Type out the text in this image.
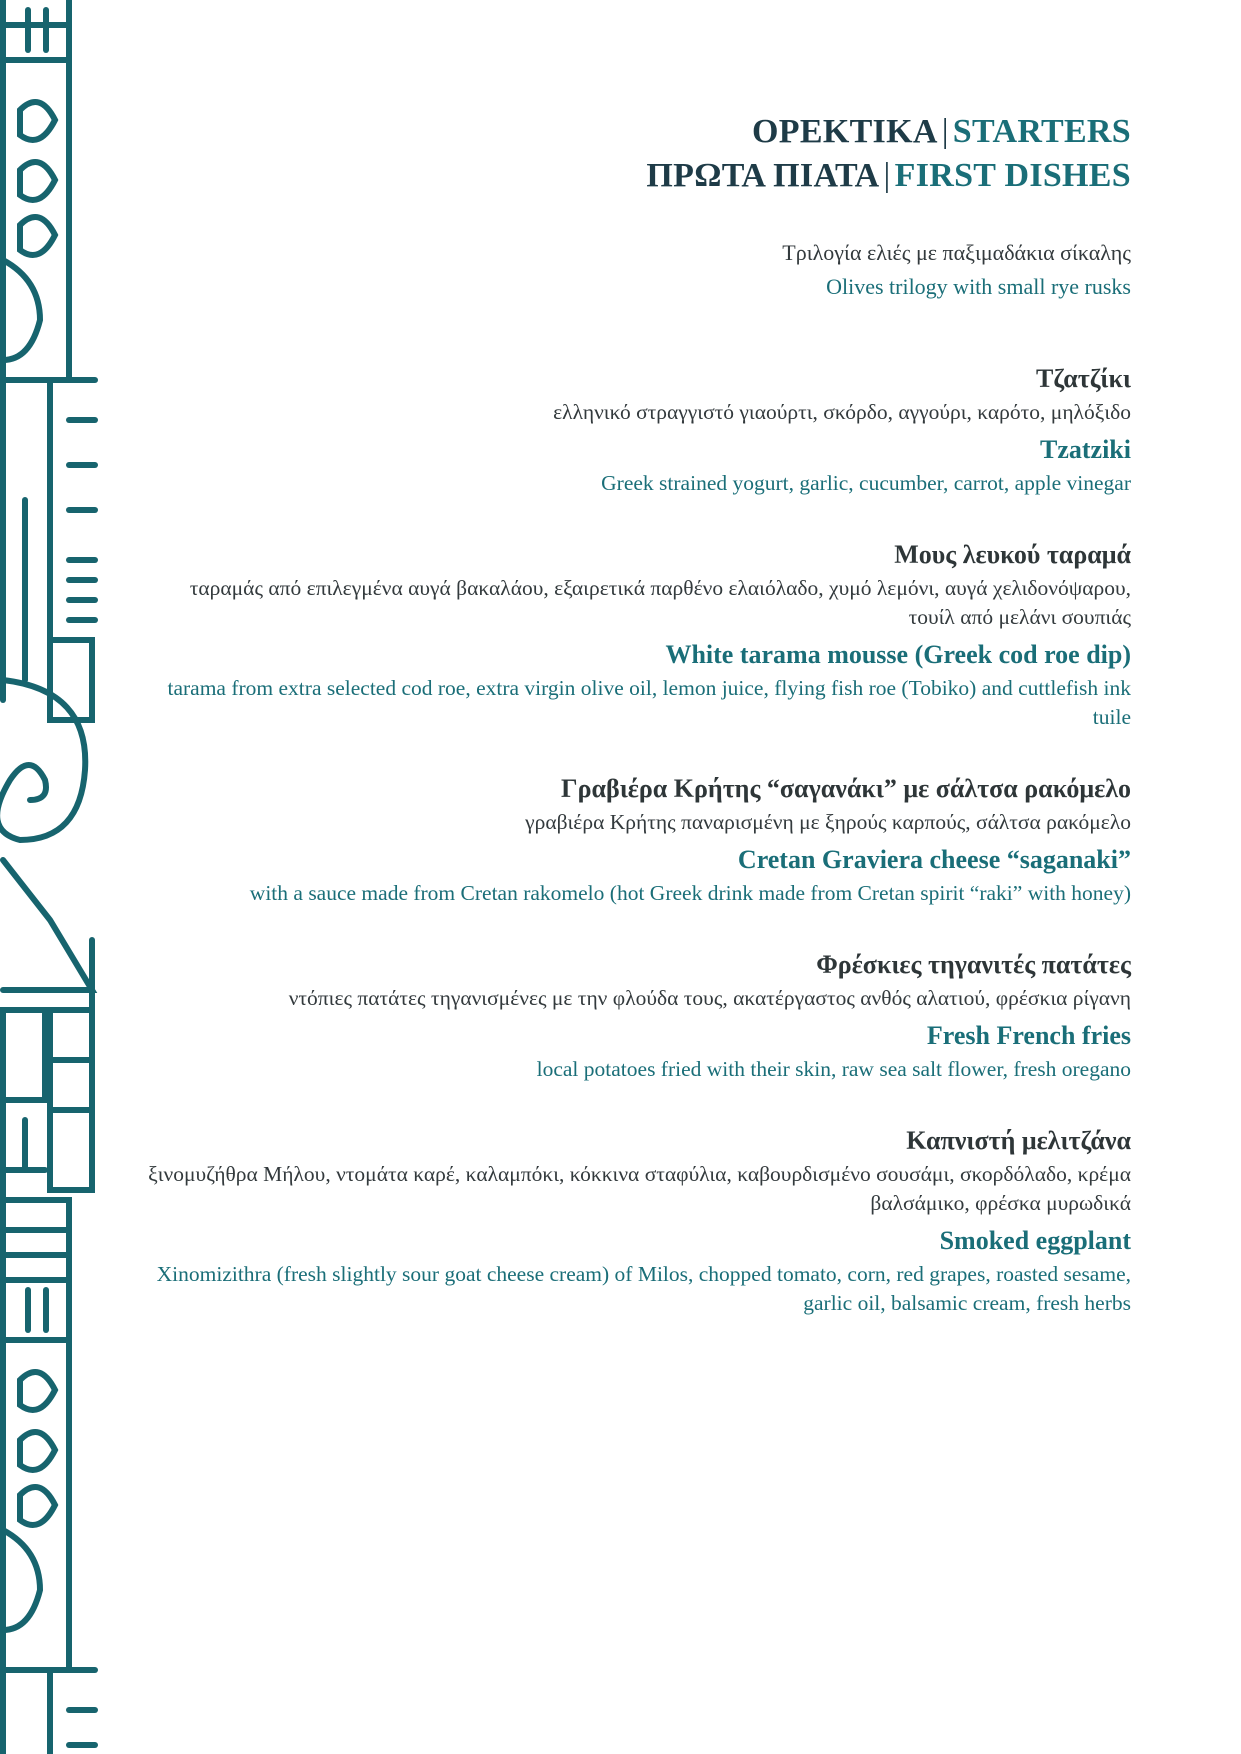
ΟΡΕΚΤΙΚΑ | STARTERS
ΠΡΩΤΑ ΠΙΑΤΑ | FIRST DISHES
Τριλογία ελιές με παξιμαδάκια σίκαλης
Olives trilogy with small rye rusks
Τζατζίκι
ελληνικό στραγγιστό γιαούρτι, σκόρδο, αγγούρι, καρότο, μηλόξιδο
Tzatziki
Greek strained yogurt, garlic, cucumber, carrot, apple vinegar
Μους λευκού ταραμά
ταραμάς από επιλεγμένα αυγά βακαλάου, εξαιρετικά παρθένο ελαιόλαδο, χυμό λεμόνι, αυγά χελιδονόψαρου, τουίλ από μελάνι σουπιάς
White tarama mousse (Greek cod roe dip)
tarama from extra selected cod roe, extra virgin olive oil, lemon juice, flying fish roe (Tobiko) and cuttlefish ink tuile
Γραβιέρα Κρήτης “σαγανάκι” με σάλτσα ρακόμελο
γραβιέρα Κρήτης παναρισμένη με ξηρούς καρπούς, σάλτσα ρακόμελο
Cretan Graviera cheese “saganaki”
with a sauce made from Cretan rakomelo (hot Greek drink made from Cretan spirit “raki” with honey)
Φρέσκιες τηγανιτές πατάτες
ντόπιες πατάτες τηγανισμένες με την φλούδα τους, ακατέργαστος ανθός αλατιού, φρέσκια ρίγανη
Fresh French fries
local potatoes fried with their skin, raw sea salt flower, fresh oregano
Καπνιστή μελιτζάνα
ξινομυζήθρα Μήλου, ντομάτα καρέ, καλαμπόκι, κόκκινα σταφύλια, καβουρδισμένο σουσάμι, σκορδόλαδο, κρέμα βαλσάμικο, φρέσκα μυρωδικά
Smoked eggplant
Xinomizithra (fresh slightly sour goat cheese cream) of Milos, chopped tomato, corn, red grapes, roasted sesame, garlic oil, balsamic cream, fresh herbs
